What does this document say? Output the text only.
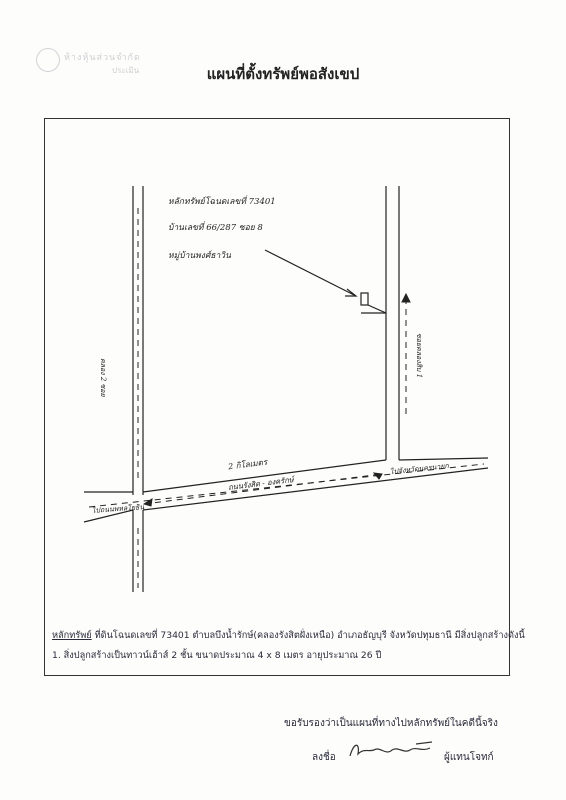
ห้างหุ้นส่วนจำกัด
ประเมิน	แผนที่ตั้งทรัพย์พอสังเขป
หลักทรัพย์โฉนดเลขที่ 73401
บ้านเลขที่ 66/287 ซอย 8
หมู่บ้านพงศ์ธาวิน
2 กิโลเมตร
ถนนรังสิต - องครักษ์
ไปถนนพหลโยธิน
ไปจังหวัดนครนายก
คลอง 2 ซอย	ซอยคลองสิบ 1
หลักทรัพย์ ที่ดินโฉนดเลขที่ 73401 ตำบลบึงน้ำรักษ์(คลองรังสิตฝั่งเหนือ) อำเภอธัญบุรี จังหวัดปทุมธานี มีสิ่งปลูกสร้างดังนี้
1. สิ่งปลูกสร้างเป็นทาวน์เฮ้าส์ 2 ชั้น ขนาดประมาณ 4 x 8 เมตร อายุประมาณ 26 ปี
ขอรับรองว่าเป็นแผนที่ทางไปหลักทรัพย์ในคดีนี้จริง
ลงชื่อ	ผู้แทนโจทก์
